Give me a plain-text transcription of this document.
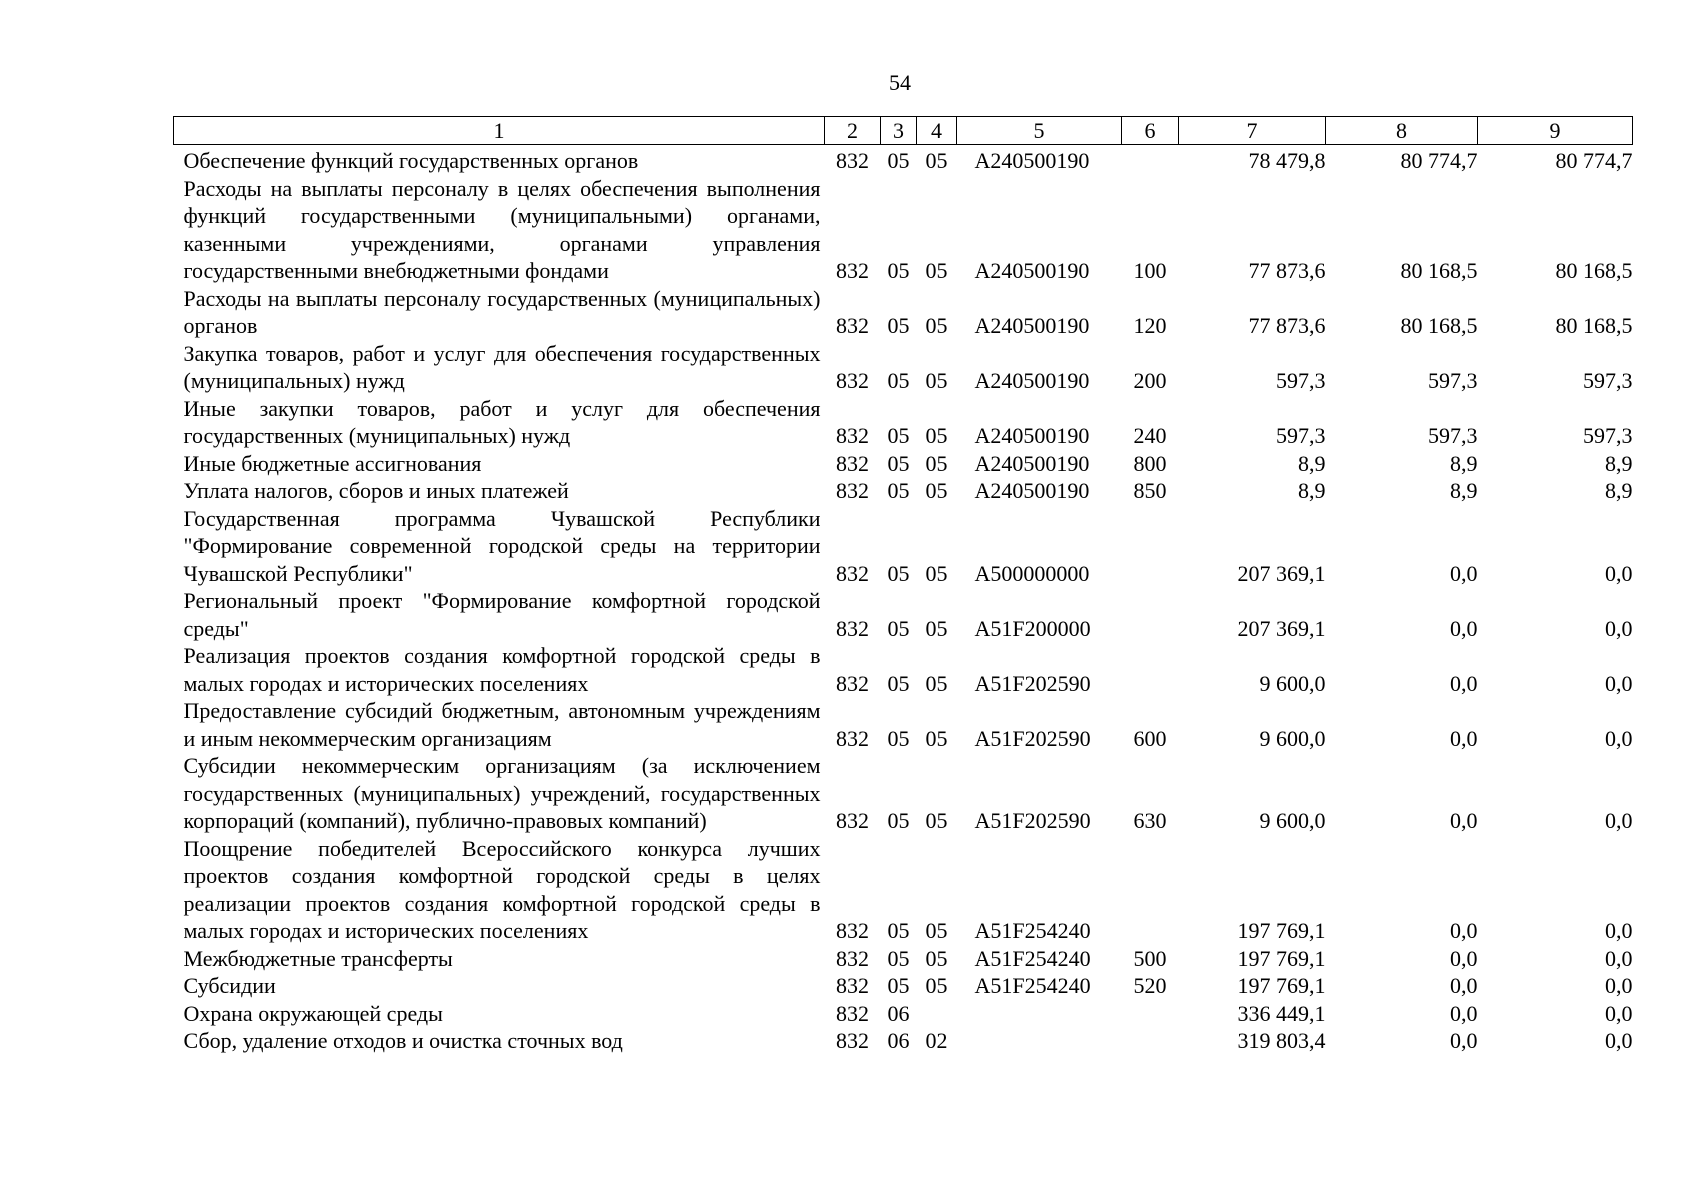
54
1	2	3	4	5	6	7	8	9
Обеспечение функций государственных органов	832	05	05	А240500190		78 479,8	80 774,7	80 774,7
Расходы на выплаты персоналу в целях обеспечения выполнения функций государственными (муниципальными) органами, казенными учреждениями, органами управления государственными внебюджетными фондами	832	05	05	А240500190	100	77 873,6	80 168,5	80 168,5
Расходы на выплаты персоналу государственных (муниципальных) органов	832	05	05	А240500190	120	77 873,6	80 168,5	80 168,5
Закупка товаров, работ и услуг для обеспечения государственных (муниципальных) нужд	832	05	05	А240500190	200	597,3	597,3	597,3
Иные закупки товаров, работ и услуг для обеспечения государственных (муниципальных) нужд	832	05	05	А240500190	240	597,3	597,3	597,3
Иные бюджетные ассигнования	832	05	05	А240500190	800	8,9	8,9	8,9
Уплата налогов, сборов и иных платежей	832	05	05	А240500190	850	8,9	8,9	8,9
Государственная программа Чувашской Республики "Формирование современной городской среды на территории Чувашской Республики"	832	05	05	А500000000		207 369,1	0,0	0,0
Региональный проект "Формирование комфортной городской среды"	832	05	05	А51F200000		207 369,1	0,0	0,0
Реализация проектов создания комфортной городской среды в малых городах и исторических поселениях	832	05	05	А51F202590		9 600,0	0,0	0,0
Предоставление субсидий бюджетным, автономным учреждениям и иным некоммерческим организациям	832	05	05	А51F202590	600	9 600,0	0,0	0,0
Субсидии некоммерческим организациям (за исключением государственных (муниципальных) учреждений, государственных корпораций (компаний), публично-правовых компаний)	832	05	05	А51F202590	630	9 600,0	0,0	0,0
Поощрение победителей Всероссийского конкурса лучших проектов создания комфортной городской среды в целях реализации проектов создания комфортной городской среды в малых городах и исторических поселениях	832	05	05	А51F254240		197 769,1	0,0	0,0
Межбюджетные трансферты	832	05	05	А51F254240	500	197 769,1	0,0	0,0
Субсидии	832	05	05	А51F254240	520	197 769,1	0,0	0,0
Охрана окружающей среды	832	06				336 449,1	0,0	0,0
Сбор, удаление отходов и очистка сточных вод	832	06	02			319 803,4	0,0	0,0
